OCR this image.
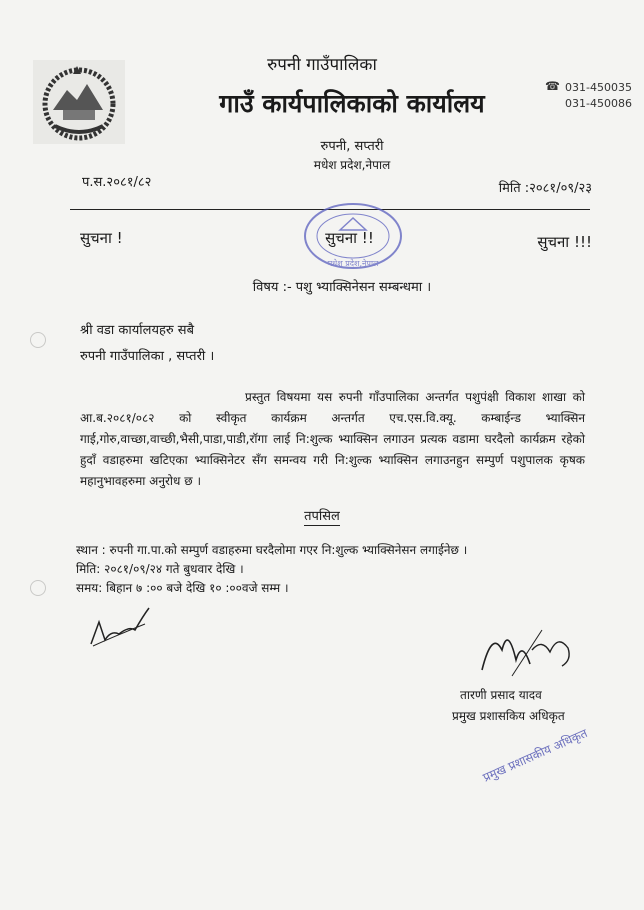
रुपनी गाउँपालिका
गाउँ कार्यपालिकाको कार्यालय
रुपनी, सप्तरी
मधेश प्रदेश,नेपाल
☎ 031-450035
031-450086
प.स.२०८१/८२	मिति :२०८१/०९/२३
मधेश प्रदेश,नेपाल
सुचना !	सुचना !!	सुचना !!!
विषय :- पशु भ्याक्सिनेसन सम्बन्धमा ।
श्री वडा कार्यालयहरु सबै
रुपनी गाउँपालिका , सप्तरी ।
प्रस्तुत विषयमा यस रुपनी गाँउपालिका अन्तर्गत पशुपंक्षी विकाश शाखा को आ.ब.२०८१/०८२ को स्वीकृत कार्यक्रम अन्तर्गत एच.एस.वि.क्यू. कम्बाईन्ड भ्याक्सिन गाई,गोरु,वाच्छा,वाच्छी,भैसी,पाडा,पाडी,रॉगा लाई नि:शुल्क भ्याक्सिन लगाउन प्रत्यक वडामा घरदैलो कार्यक्रम रहेको हुदाँ वडाहरुमा खटिएका भ्याक्सिनेटर सँग समन्वय गरी नि:शुल्क भ्याक्सिन लगाउनहुन सम्पुर्ण पशुपालक कृषक महानुभावहरुमा अनुरोध छ ।
तपसिल
स्थान : रुपनी गा.पा.को सम्पुर्ण वडाहरुमा घरदैलोमा गएर नि:शुल्क भ्याक्सिनेसन लगाईनेछ ।
मिति: २०८१/०९/२४ गते बुधवार देखि ।
समय: बिहान ७ :०० बजे देखि १० :००वजे सम्म ।
तारणी प्रसाद यादव
प्रमुख प्रशासकिय अधिकृत
प्रमुख प्रशासकीय अधिकृत
